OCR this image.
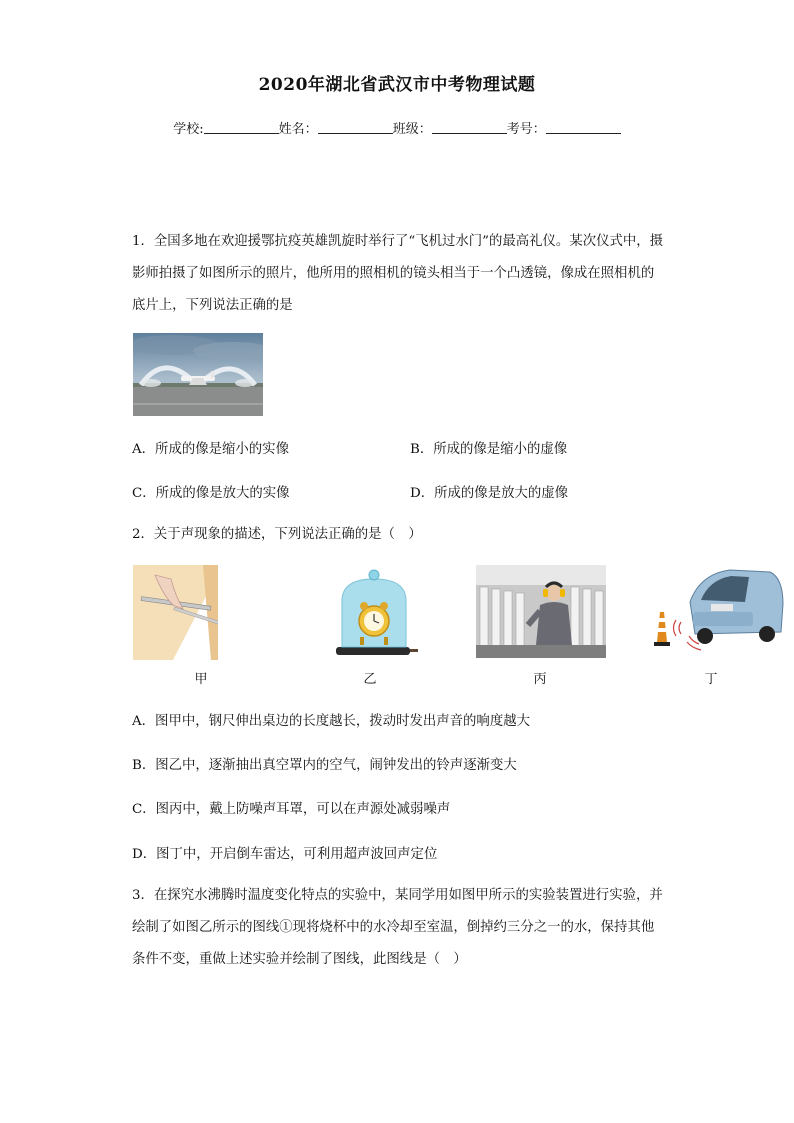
2020年湖北省武汉市中考物理试题
学校:	姓名：	班级：	考号：

1．全国多地在欢迎援鄂抗疫英雄凯旋时举行了“飞机过水门”的最高礼仪。某次仪式中，摄影师拍摄了如图所示的照片，他所用的照相机的镜头相当于一个凸透镜，像成在照相机的底片上，下列说法正确的是

A．所成的像是缩小的实像	B．所成的像是缩小的虚像
C．所成的像是放大的实像	D．所成的像是放大的虚像

2．关于声现象的描述，下列说法正确的是（　）

甲	乙	丙	丁
A．图甲中，钢尺伸出桌边的长度越长，拨动时发出声音的响度越大
B．图乙中，逐渐抽出真空罩内的空气，闹钟发出的铃声逐渐变大
C．图丙中，戴上防噪声耳罩，可以在声源处减弱噪声
D．图丁中，开启倒车雷达，可利用超声波回声定位

3．在探究水沸腾时温度变化特点的实验中，某同学用如图甲所示的实验装置进行实验，并绘制了如图乙所示的图线①现将烧杯中的水冷却至室温，倒掉约三分之一的水，保持其他条件不变，重做上述实验并绘制了图线，此图线是（　）
